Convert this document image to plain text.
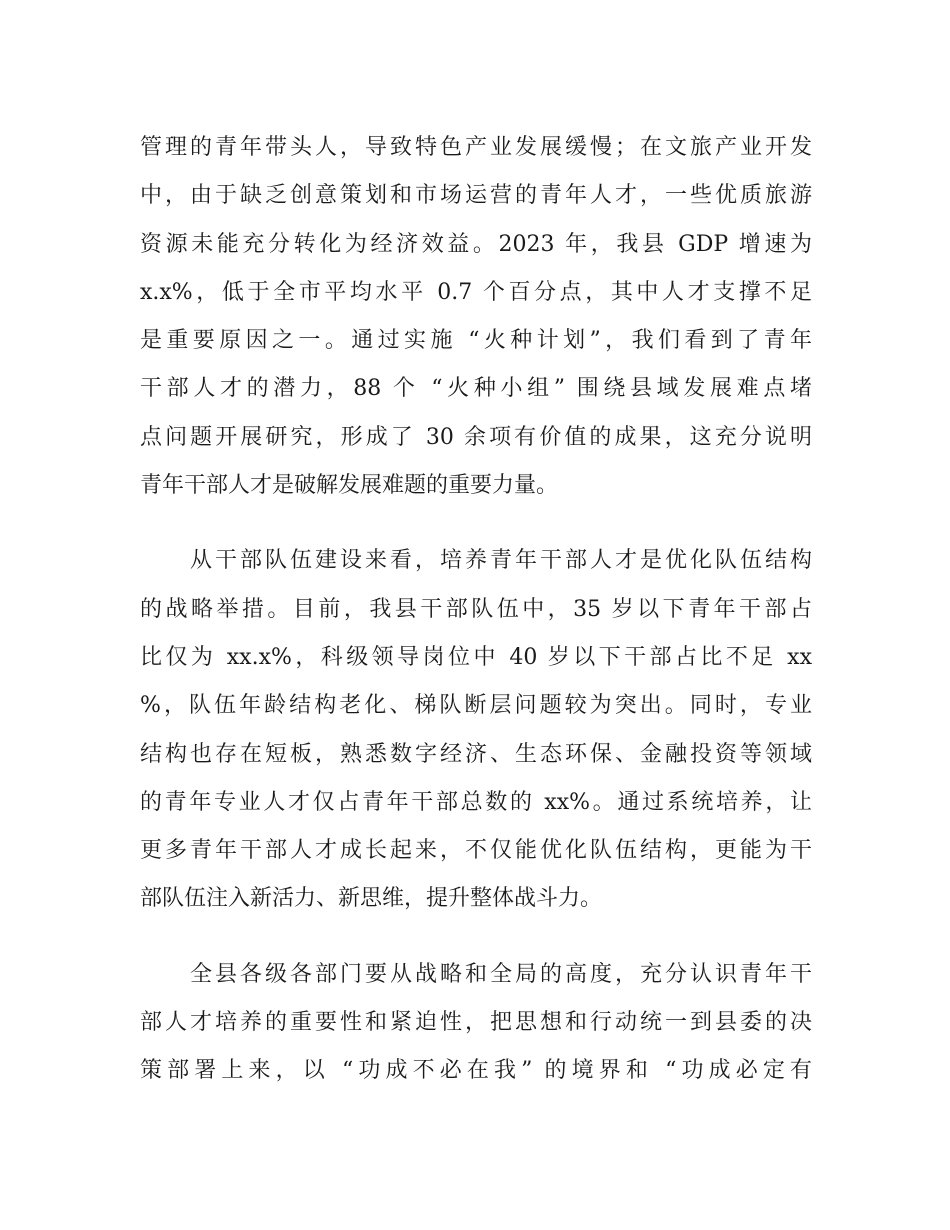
管理的青年带头人，导致特色产业发展缓慢；在文旅产业开发
中，由于缺乏创意策划和市场运营的青年人才，一些优质旅游
资源未能充分转化为经济效益。2023 年，我县 GDP 增速为
x.x%，低于全市平均水平 0.7 个百分点，其中人才支撑不足
是重要原因之一。通过实施 “火种计划”，我们看到了青年
干部人才的潜力，88 个 “火种小组” 围绕县域发展难点堵
点问题开展研究，形成了 30 余项有价值的成果，这充分说明
青年干部人才是破解发展难题的重要力量。
　　从干部队伍建设来看，培养青年干部人才是优化队伍结构
的战略举措。目前，我县干部队伍中，35 岁以下青年干部占
比仅为 xx.x%，科级领导岗位中 40 岁以下干部占比不足 xx
%，队伍年龄结构老化、梯队断层问题较为突出。同时，专业
结构也存在短板，熟悉数字经济、生态环保、金融投资等领域
的青年专业人才仅占青年干部总数的 xx%。通过系统培养，让
更多青年干部人才成长起来，不仅能优化队伍结构，更能为干
部队伍注入新活力、新思维，提升整体战斗力。
　　全县各级各部门要从战略和全局的高度，充分认识青年干
部人才培养的重要性和紧迫性，把思想和行动统一到县委的决
策部署上来，以 “功成不必在我” 的境界和 “功成必定有
